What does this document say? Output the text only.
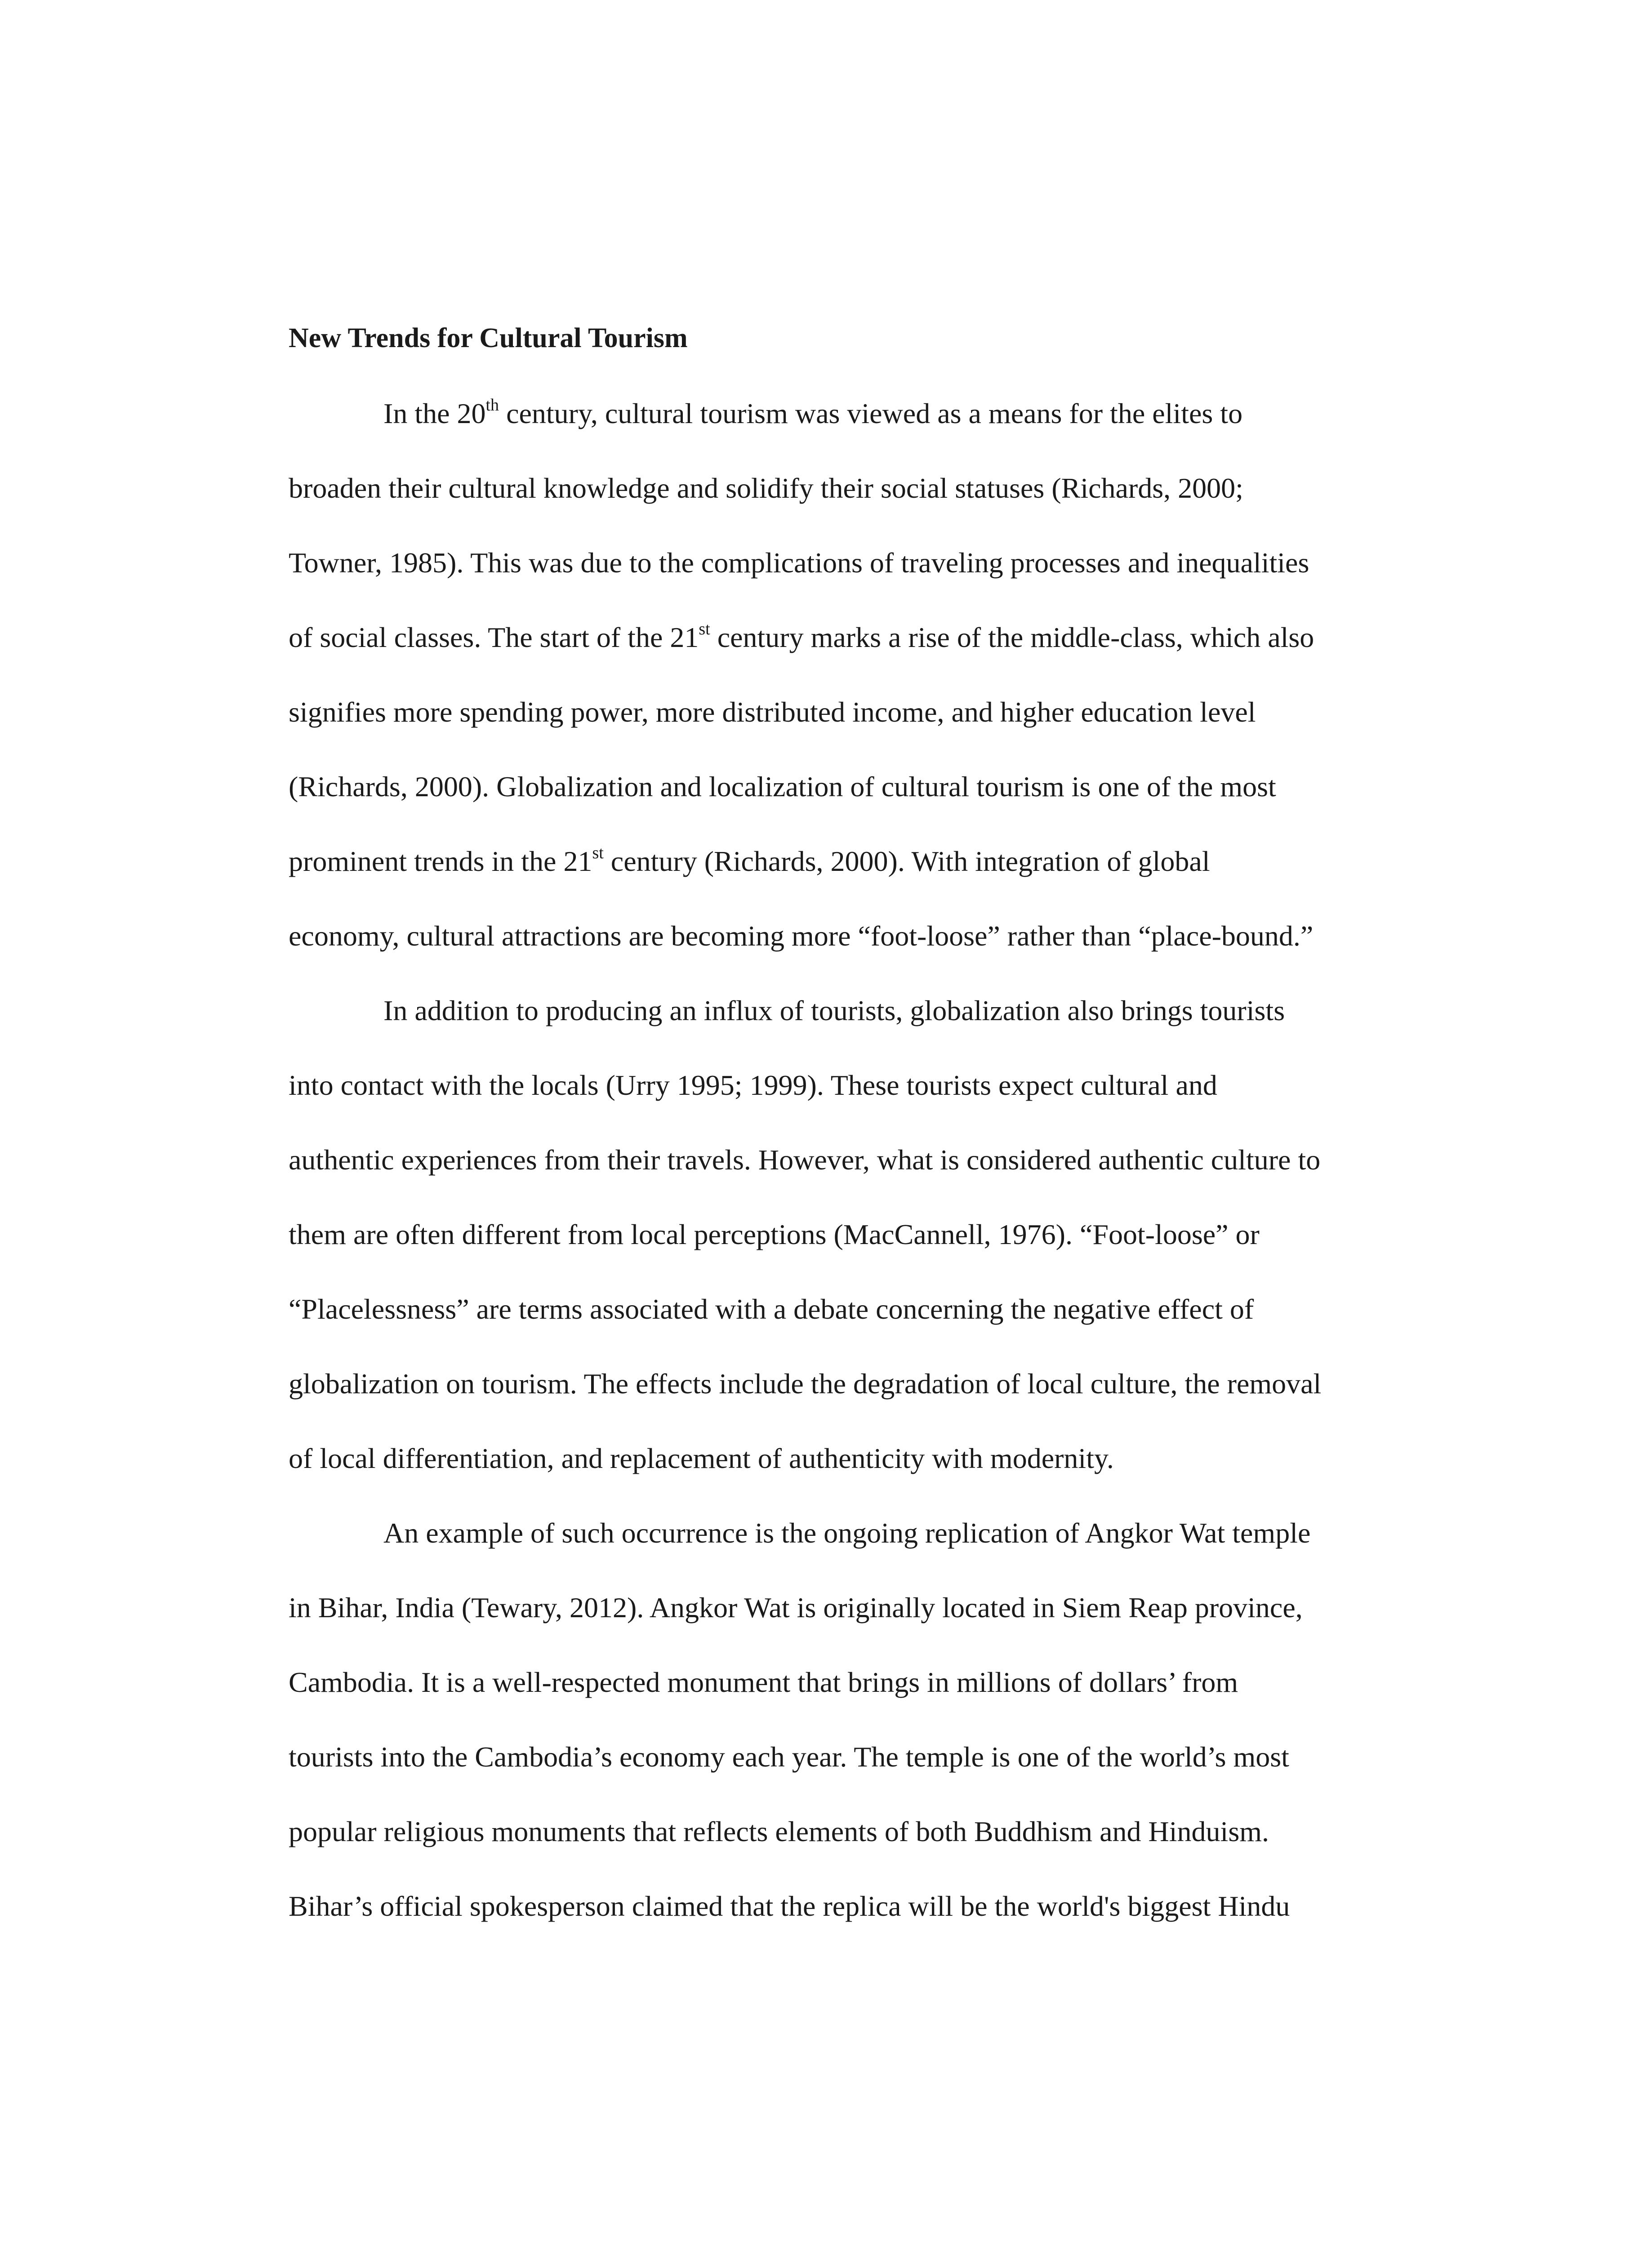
New Trends for Cultural Tourism
In the 20th century, cultural tourism was viewed as a means for the elites to
broaden their cultural knowledge and solidify their social statuses (Richards, 2000;
Towner, 1985). This was due to the complications of traveling processes and inequalities
of social classes. The start of the 21st century marks a rise of the middle-class, which also
signifies more spending power, more distributed income, and higher education level
(Richards, 2000). Globalization and localization of cultural tourism is one of the most
prominent trends in the 21st century (Richards, 2000). With integration of global
economy, cultural attractions are becoming more “foot-loose” rather than “place-bound.”
In addition to producing an influx of tourists, globalization also brings tourists
into contact with the locals (Urry 1995; 1999). These tourists expect cultural and
authentic experiences from their travels. However, what is considered authentic culture to
them are often different from local perceptions (MacCannell, 1976). “Foot-loose” or
“Placelessness” are terms associated with a debate concerning the negative effect of
globalization on tourism. The effects include the degradation of local culture, the removal
of local differentiation, and replacement of authenticity with modernity.
An example of such occurrence is the ongoing replication of Angkor Wat temple
in Bihar, India (Tewary, 2012). Angkor Wat is originally located in Siem Reap province,
Cambodia. It is a well-respected monument that brings in millions of dollars’ from
tourists into the Cambodia’s economy each year. The temple is one of the world’s most
popular religious monuments that reflects elements of both Buddhism and Hinduism.
Bihar’s official spokesperson claimed that the replica will be the world's biggest Hindu
